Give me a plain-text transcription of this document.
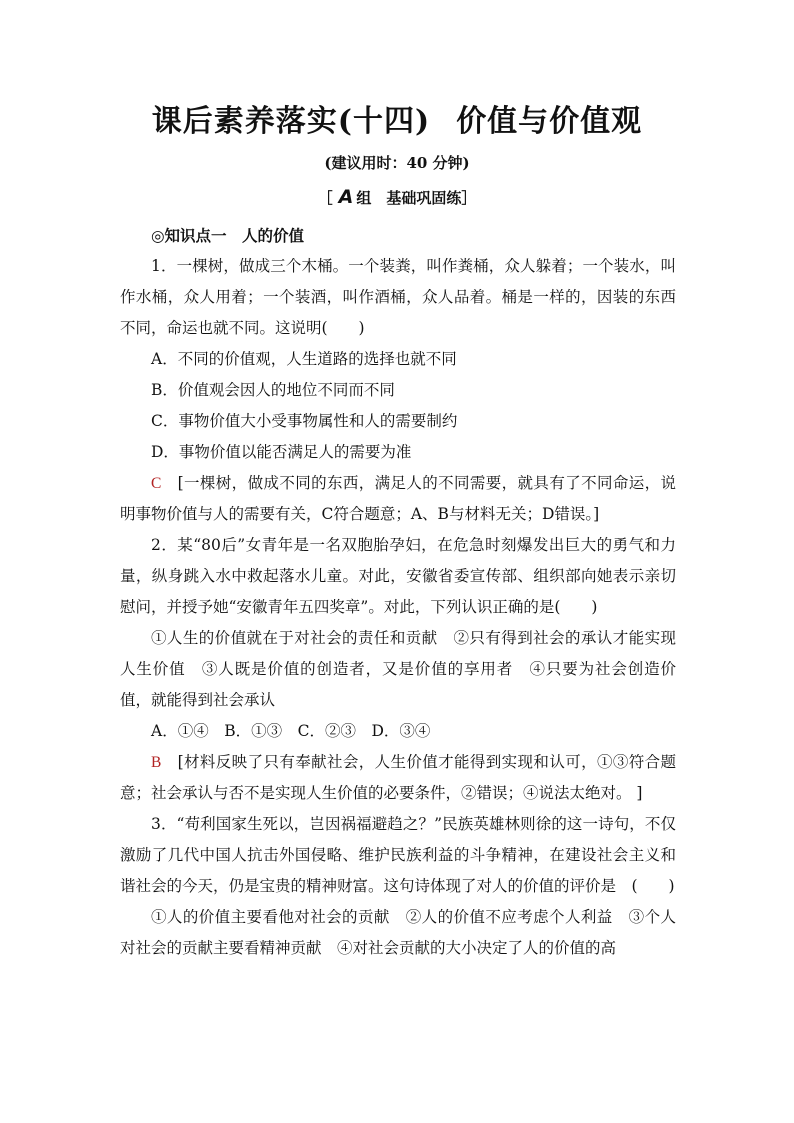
课后素养落实(十四) 价值与价值观
(建议用时：40 分钟)
［ A 组　基础巩固练］

◎知识点一　人的价值

1．一棵树，做成三个木桶。一个装粪，叫作粪桶，众人躲着；一个装水，叫作水桶，众人用着；一个装酒，叫作酒桶，众人品着。桶是一样的，因装的东西不同，命运也就不同。这说明(　　)

A．不同的价值观，人生道路的选择也就不同

B．价值观会因人的地位不同而不同

C．事物价值大小受事物属性和人的需要制约

D．事物价值以能否满足人的需要为准

C　[一棵树，做成不同的东西，满足人的不同需要，就具有了不同命运，说明事物价值与人的需要有关，C符合题意；A、B与材料无关；D错误。]

2．某“80后”女青年是一名双胞胎孕妇，在危急时刻爆发出巨大的勇气和力量，纵身跳入水中救起落水儿童。对此，安徽省委宣传部、组织部向她表示亲切慰问，并授予她“安徽青年五四奖章”。对此，下列认识正确的是(　　)

①人生的价值就在于对社会的责任和贡献　②只有得到社会的承认才能实现人生价值　③人既是价值的创造者，又是价值的享用者　④只要为社会创造价值，就能得到社会承认

A．①④　B．①③　C．②③　D．③④

B　[材料反映了只有奉献社会，人生价值才能得到实现和认可，①③符合题意；社会承认与否不是实现人生价值的必要条件，②错误；④说法太绝对。 ]

3．“苟利国家生死以，岂因祸福避趋之？”民族英雄林则徐的这一诗句，不仅激励了几代中国人抗击外国侵略、维护民族利益的斗争精神，在建设社会主义和谐社会的今天，仍是宝贵的精神财富。这句诗体现了对人的价值的评价是　(　　)

①人的价值主要看他对社会的贡献　②人的价值不应考虑个人利益　③个人对社会的贡献主要看精神贡献　④对社会贡献的大小决定了人的价值的高
